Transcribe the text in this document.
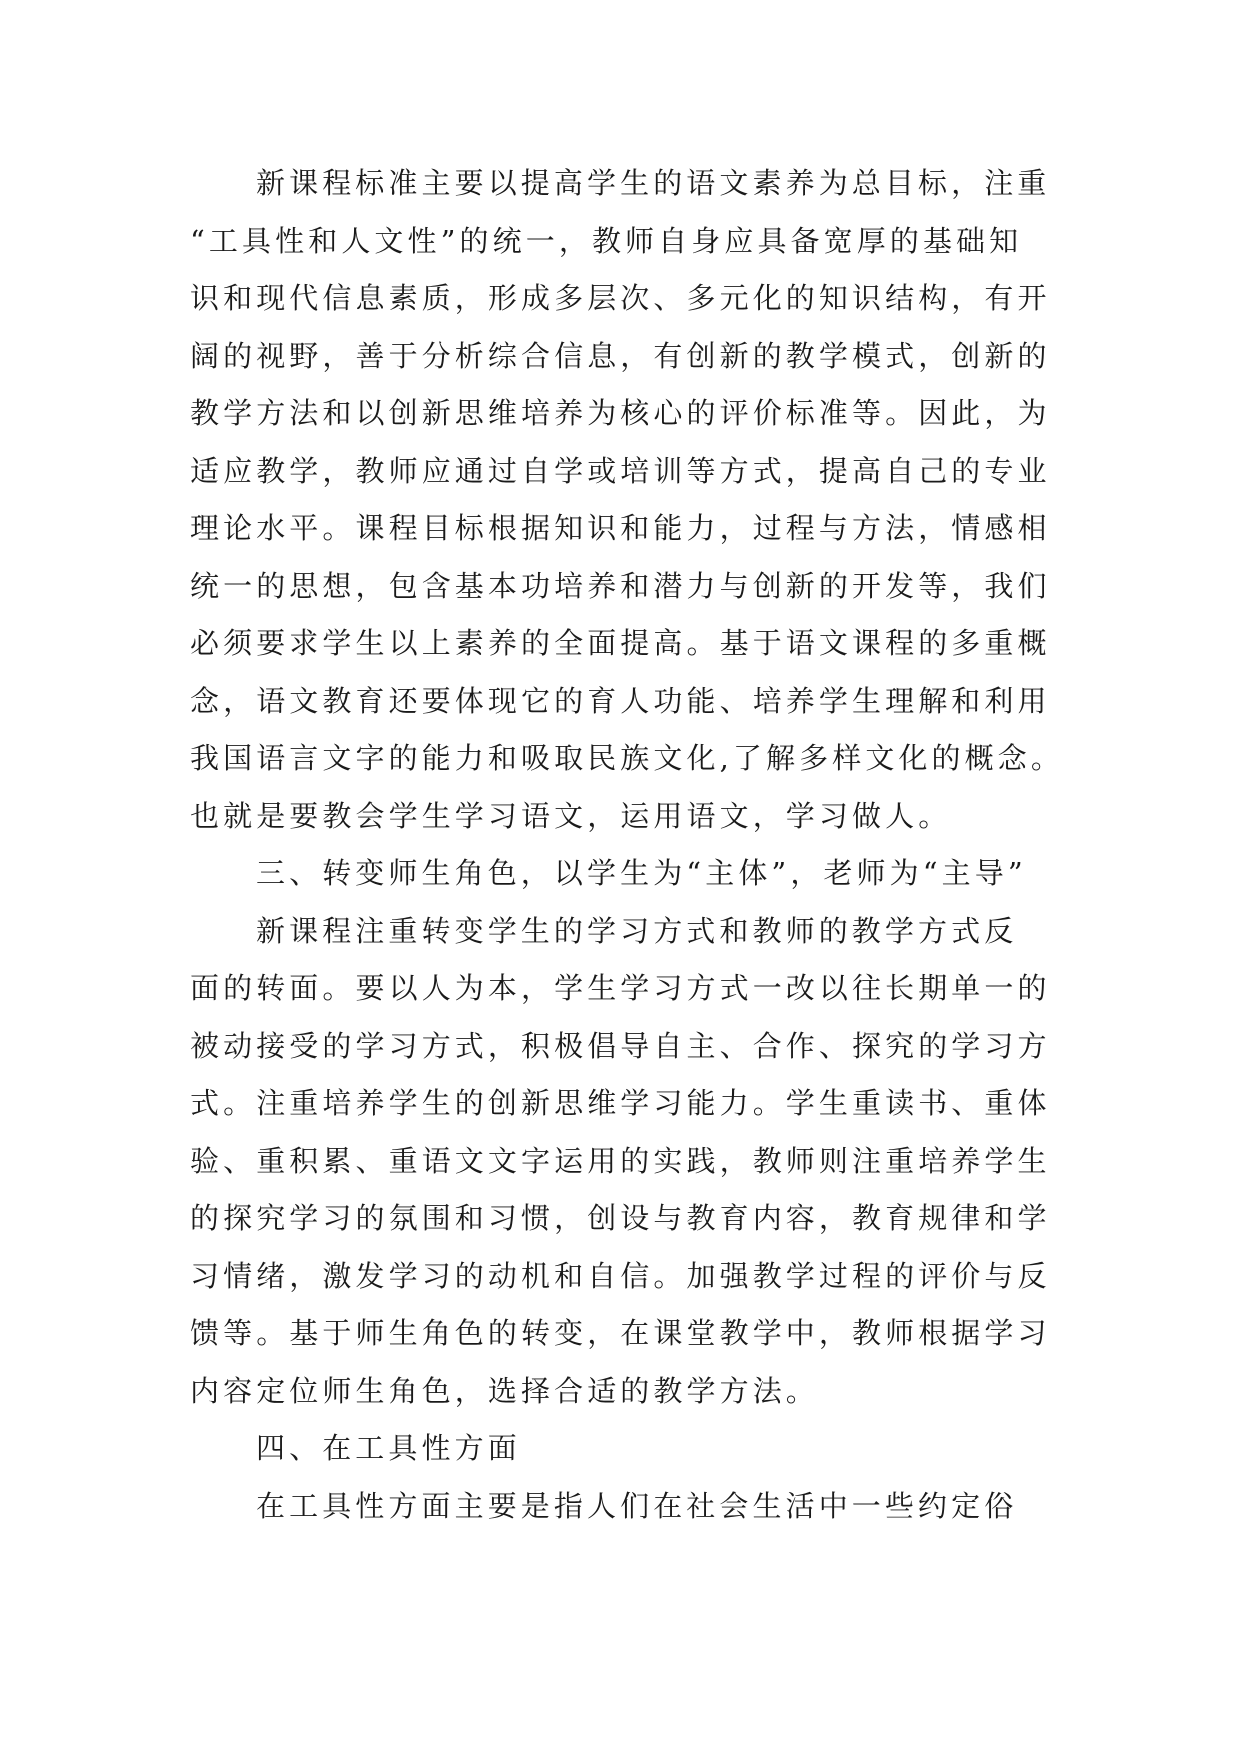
新课程标准主要以提高学生的语文素养为总目标，注重
“工具性和人文性”的统一，教师自身应具备宽厚的基础知
识和现代信息素质，形成多层次、多元化的知识结构，有开
阔的视野，善于分析综合信息，有创新的教学模式，创新的
教学方法和以创新思维培养为核心的评价标准等。因此，为
适应教学，教师应通过自学或培训等方式，提高自己的专业
理论水平。课程目标根据知识和能力，过程与方法，情感相
统一的思想，包含基本功培养和潜力与创新的开发等，我们
必须要求学生以上素养的全面提高。基于语文课程的多重概
念，语文教育还要体现它的育人功能、培养学生理解和利用
我国语言文字的能力和吸取民族文化,了解多样文化的概念。
也就是要教会学生学习语文，运用语文，学习做人。
三、转变师生角色，以学生为“主体”，老师为“主导”
新课程注重转变学生的学习方式和教师的教学方式反
面的转面。要以人为本，学生学习方式一改以往长期单一的
被动接受的学习方式，积极倡导自主、合作、探究的学习方
式。注重培养学生的创新思维学习能力。学生重读书、重体
验、重积累、重语文文字运用的实践，教师则注重培养学生
的探究学习的氛围和习惯，创设与教育内容，教育规律和学
习情绪，激发学习的动机和自信。加强教学过程的评价与反
馈等。基于师生角色的转变，在课堂教学中，教师根据学习
内容定位师生角色，选择合适的教学方法。
四、在工具性方面
在工具性方面主要是指人们在社会生活中一些约定俗
